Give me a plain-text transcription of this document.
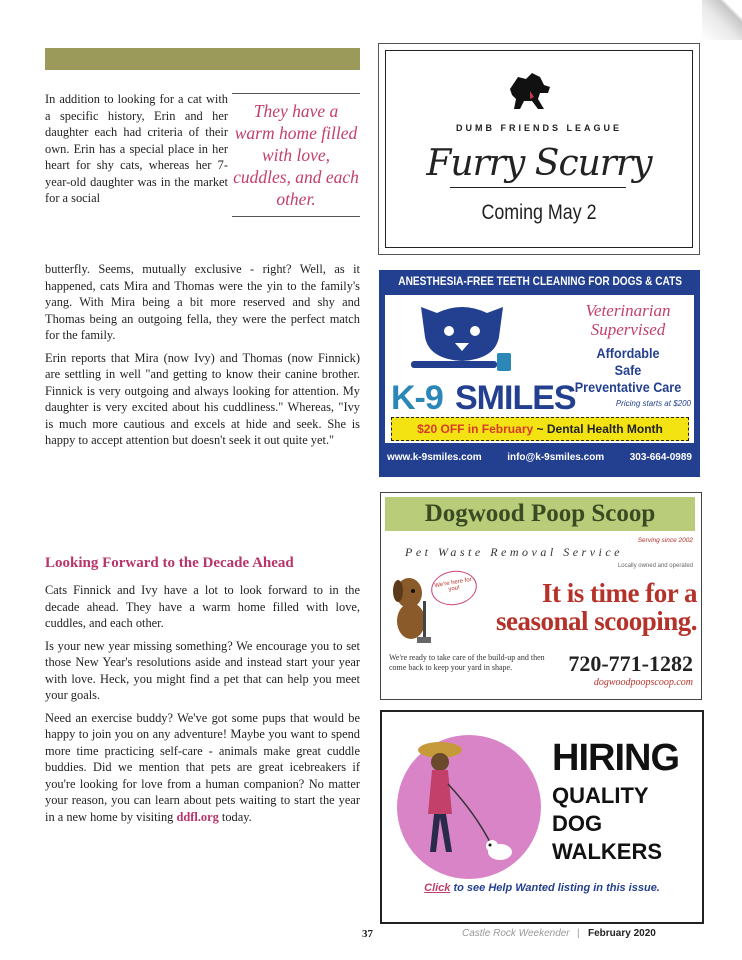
They have a warm home filled with love, cuddles, and each other.

In addition to looking for a cat with a specific history, Erin and her daughter each had criteria of their own. Erin has a special place in her heart for shy cats, whereas her 7-year-old daughter was in the market for a social

butterfly. Seems, mutually exclusive - right? Well, as it happened, cats Mira and Thomas were the yin to the family's yang. With Mira being a bit more reserved and shy and Thomas being an outgoing fella, they were the perfect match for the family.

Erin reports that Mira (now Ivy) and Thomas (now Finnick) are settling in well "and getting to know their canine brother. Finnick is very outgoing and always looking for attention. My daughter is very excited about his cuddliness." Whereas, "Ivy is much more cautious and excels at hide and seek. She is happy to accept attention but doesn't seek it out quite yet."

Looking Forward to the Decade Ahead

Cats Finnick and Ivy have a lot to look forward to in the decade ahead. They have a warm home filled with love, cuddles, and each other.

Is your new year missing something? We encourage you to set those New Year's resolutions aside and instead start your year with love. Heck, you might find a pet that can help you meet your goals.

Need an exercise buddy? We've got some pups that would be happy to join you on any adventure! Maybe you want to spend more time practicing self-care - animals make great cuddle buddies. Did we mention that pets are great icebreakers if you're looking for love from a human companion? No matter your reason, you can learn about pets waiting to start the year in a new home by visiting ddfl.org today.

37	Castle Rock Weekender | February 2020
DUMB FRIENDS LEAGUE
Furry Scurry
Coming May 2
ANESTHESIA-FREE TEETH CLEANING FOR DOGS & CATS
K-9 SMILES
Veterinarian Supervised
Affordable
Safe
Preventative Care
Pricing starts at $200
$20 OFF in February ~ Dental Health Month
www.k-9smiles.com	info@k-9smiles.com	303-664-0989
Dogwood Poop Scoop
Serving since 2002
Pet Waste Removal Service
Locally owned and operated
We're here for you!	It is time for a
seasonal scooping.
We're ready to take care of the build-up and then come back to keep your yard in shape.	720-771-1282
dogwoodpoopscoop.com
HIRING
QUALITY
DOG
WALKERS
Click to see Help Wanted listing in this issue.
